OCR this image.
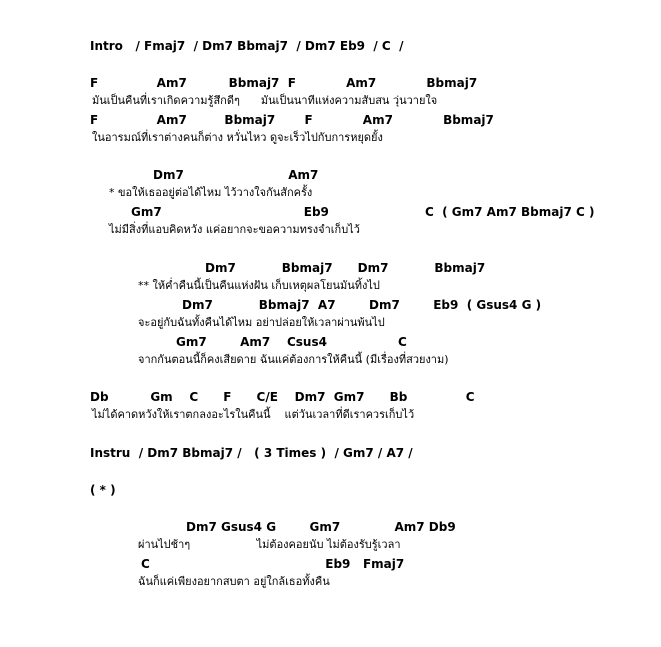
Intro   / Fmaj7  / Dm7 Bbmaj7  / Dm7 Eb9  / C  /
F              Am7          Bbmaj7  F            Am7            Bbmaj7
มันเป็นคืนที่เราเกิดความรู้สึกดีๆ      มันเป็นนาทีแห่งความสับสน วุ่นวายใจ
F              Am7         Bbmaj7       F            Am7            Bbmaj7
ในอารมณ์ที่เราต่างคนก็ต่าง หวั่นไหว ดูจะเร็วไปกับการหยุดยั้ง
Dm7                         Am7
* ขอให้เธออยู่ต่อได้ไหม ไว้วางใจกันสักครั้ง
Gm7                                  Eb9                       C  ( Gm7 Am7 Bbmaj7 C )
ไม่มีสิ่งที่แอบคิดหวัง แค่อยากจะขอความทรงจำเก็บไว้
Dm7           Bbmaj7      Dm7           Bbmaj7
** ให้ค่ำคืนนี้เป็นคืนแห่งฝัน เก็บเหตุผลโยนมันทิ้งไป
Dm7           Bbmaj7  A7        Dm7        Eb9  ( Gsus4 G )
จะอยู่กับฉันทั้งคืนได้ไหม อย่าปล่อยให้เวลาผ่านพ้นไป
Gm7        Am7    Csus4                 C
จากกันตอนนี้ก็คงเสียดาย ฉันแค่ต้องการให้คืนนี้ (มีเรื่องที่สวยงาม)
Db          Gm    C      F      C/E    Dm7  Gm7      Bb              C
ไม่ได้คาดหวังให้เราตกลงอะไรในคืนนี้    แต่วันเวลาที่ดีเราควรเก็บไว้
Instru  / Dm7 Bbmaj7 /   ( 3 Times )  / Gm7 / A7 /
( * )
Dm7 Gsus4 G        Gm7             Am7 Db9
ผ่านไปช้าๆ                   ไม่ต้องคอยนับ ไม่ต้องรับรู้เวลา
C                                          Eb9   Fmaj7
ฉันก็แค่เพียงอยากสบตา อยู่ใกล้เธอทั้งคืน
